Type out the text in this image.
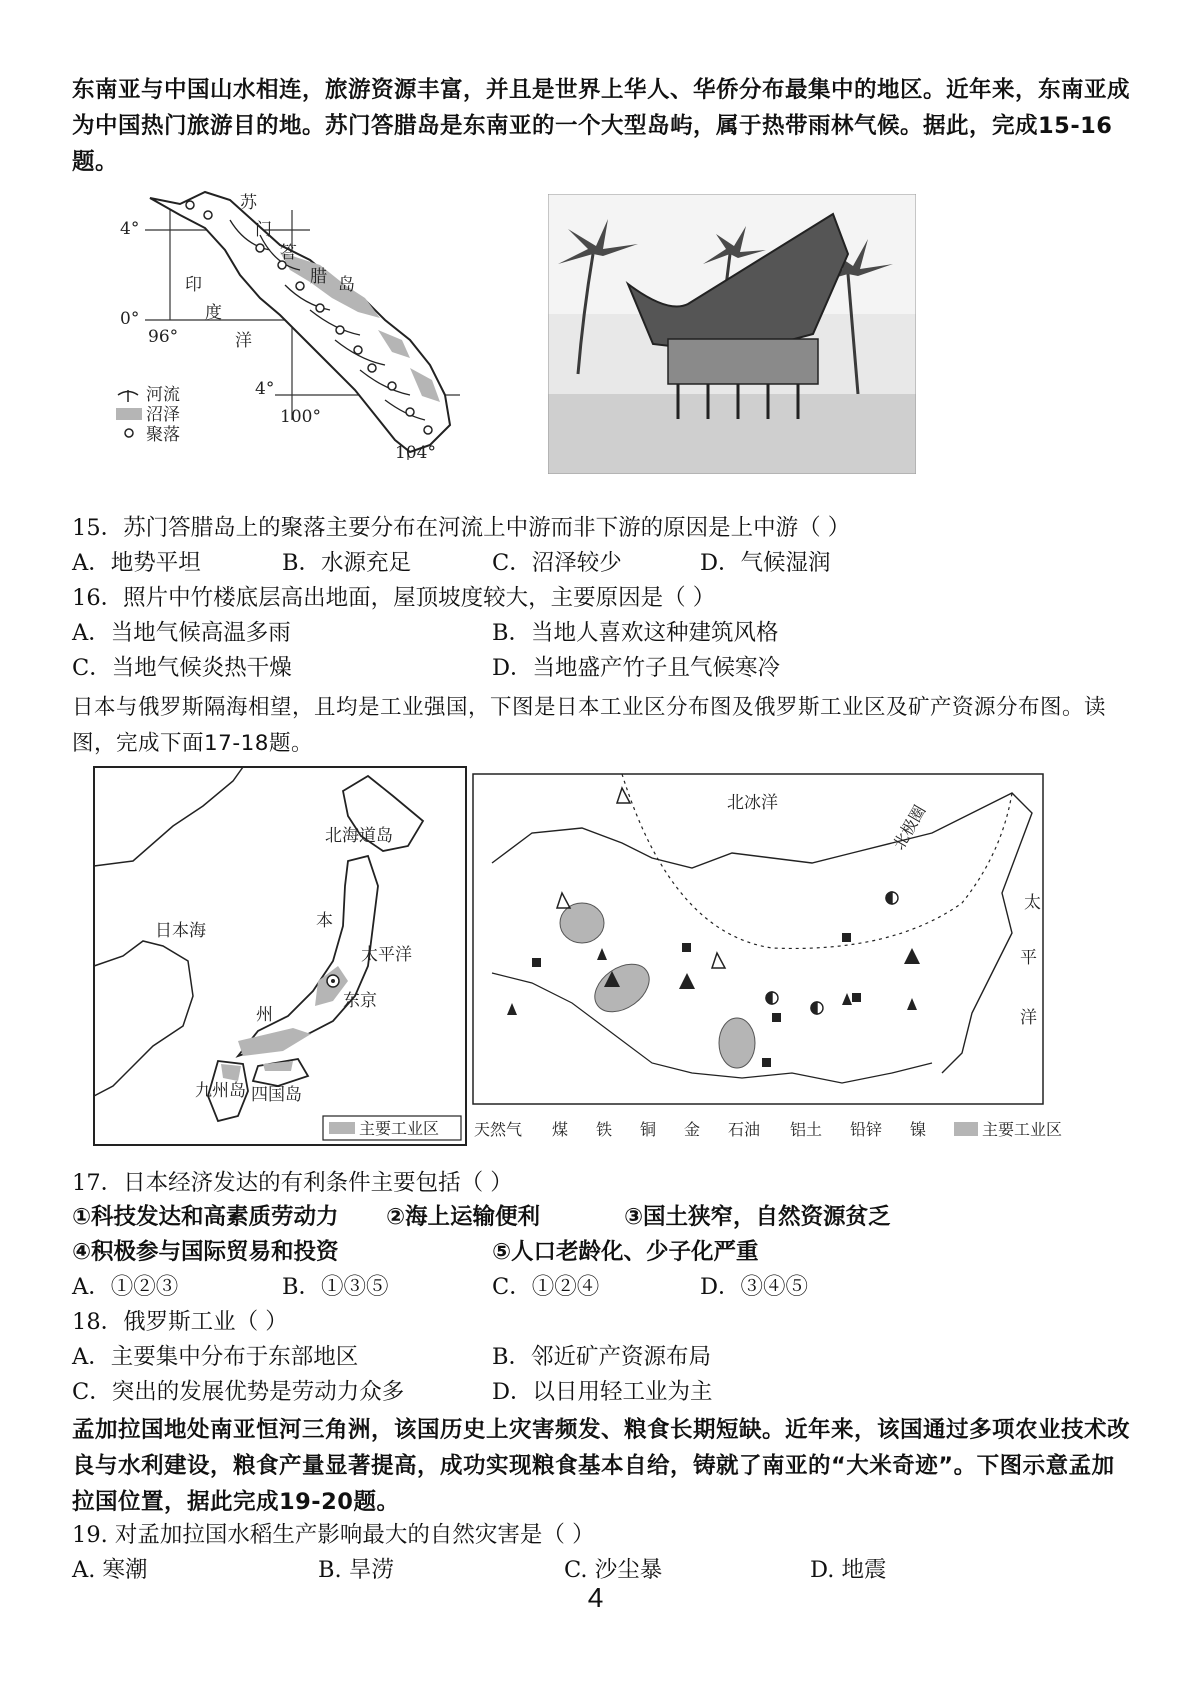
东南亚与中国山水相连，旅游资源丰富，并且是世界上华人、华侨分布最集中的地区。近年来，东南亚成为中国热门旅游目的地。苏门答腊岛是东南亚的一个大型岛屿，属于热带雨林气候。据此，完成15-16题。
4°
0°
4°
96°
100°
104°
苏
门
答
腊 岛
印
度
洋
河流
沼泽
聚落
15．苏门答腊岛上的聚落主要分布在河流上中游而非下游的原因是上中游（ ）
A．地势平坦	B．水源充足	C．沼泽较少	D．气候湿润
16．照片中竹楼底层高出地面，屋顶坡度较大，主要原因是（ ）
A．当地气候高温多雨	B．当地人喜欢这种建筑风格
C．当地气候炎热干燥	D．当地盛产竹子且气候寒冷
日本与俄罗斯隔海相望，且均是工业强国，下图是日本工业区分布图及俄罗斯工业区及矿产资源分布图。读图，完成下面17-18题。
北海道岛
日本海	本
州
太平洋
东京
九州岛 四国岛
主要工业区
北冰洋	北极圈
太
平
洋
天然气 煤 铁 铜 金 石油 铝土 铅锌 镍	主要工业区
17．日本经济发达的有利条件主要包括（ ）
①科技发达和高素质劳动力 ②海上运输便利	③国土狭窄，自然资源贫乏
④积极参与国际贸易和投资	⑤人口老龄化、少子化严重
A．①②③	B．①③⑤	C．①②④	D．③④⑤
18．俄罗斯工业（ ）
A．主要集中分布于东部地区	B．邻近矿产资源布局
C．突出的发展优势是劳动力众多	D．以日用轻工业为主
孟加拉国地处南亚恒河三角洲，该国历史上灾害频发、粮食长期短缺。近年来，该国通过多项农业技术改良与水利建设，粮食产量显著提高，成功实现粮食基本自给，铸就了南亚的“大米奇迹”。下图示意孟加拉国位置，据此完成19-20题。
19. 对孟加拉国水稻生产影响最大的自然灾害是（ ）
A. 寒潮	B. 旱涝	C. 沙尘暴	D. 地震
4
